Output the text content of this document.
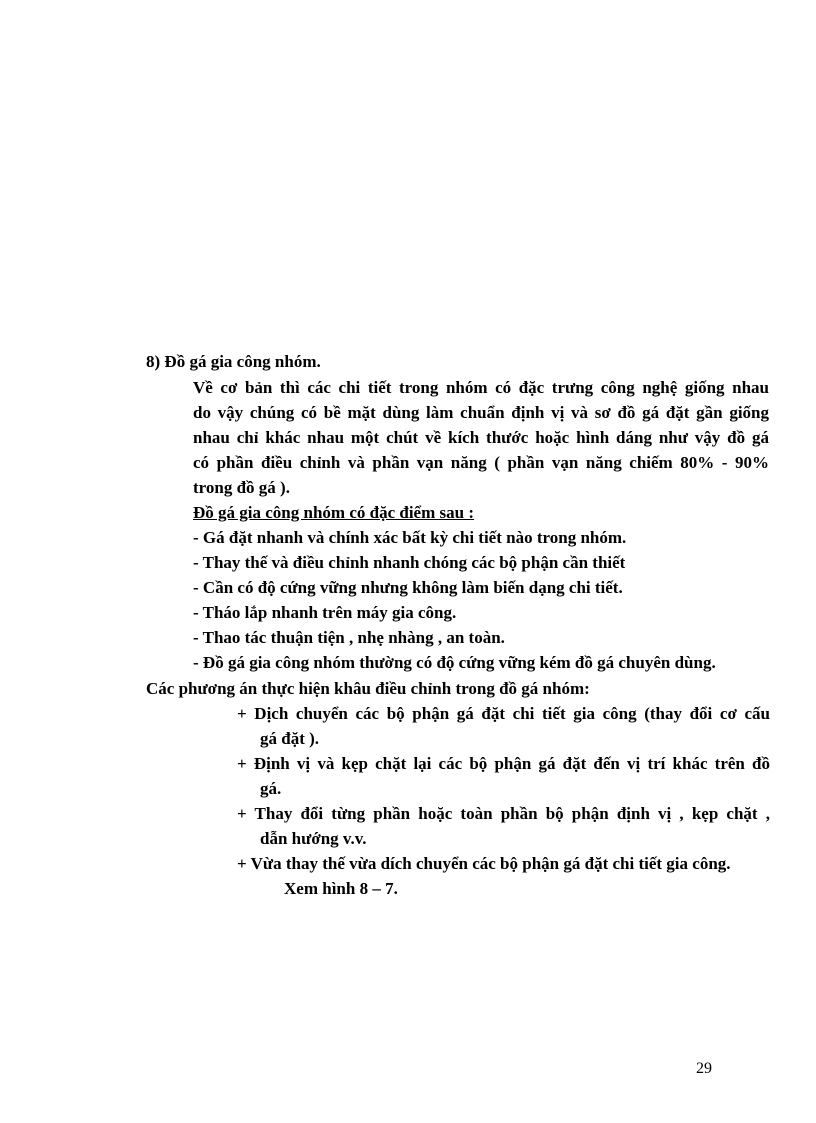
8) Đồ gá gia công nhóm.
Về cơ bản thì các chi tiết trong nhóm có đặc trưng công nghệ giống nhau
do vậy chúng có bề mặt dùng làm chuẩn định vị và sơ đồ gá đặt gần giống
nhau chỉ khác nhau một chút về kích thước hoặc hình dáng như vậy đồ gá
có phần điều chỉnh và phần vạn năng ( phần vạn năng chiếm 80% - 90%
trong đồ gá ).
Đồ gá gia công nhóm có đặc điểm sau :
- Gá đặt nhanh và chính xác bất kỳ chi tiết nào trong nhóm.
- Thay thế và điều chỉnh nhanh chóng các bộ phận cần thiết
- Cần có độ cứng vững nhưng không làm biến dạng chi tiết.
- Tháo lắp nhanh trên máy gia công.
- Thao tác thuận tiện , nhẹ nhàng , an toàn.
- Đồ gá gia công nhóm thường có độ cứng vững kém đồ gá chuyên dùng.
Các phương án thực hiện khâu điều chỉnh trong đồ gá nhóm:
+ Dịch chuyển các bộ phận gá đặt chi tiết gia công (thay đổi cơ cấu
gá đặt ).
+ Định vị và kẹp chặt lại các bộ phận gá đặt đến vị trí khác trên đồ
gá.
+ Thay đổi từng phần hoặc toàn phần bộ phận định vị , kẹp chặt ,
dẫn hướng v.v.
+ Vừa thay thế vừa dích chuyển các bộ phận gá đặt chi tiết gia công.
Xem hình 8 – 7.
29
